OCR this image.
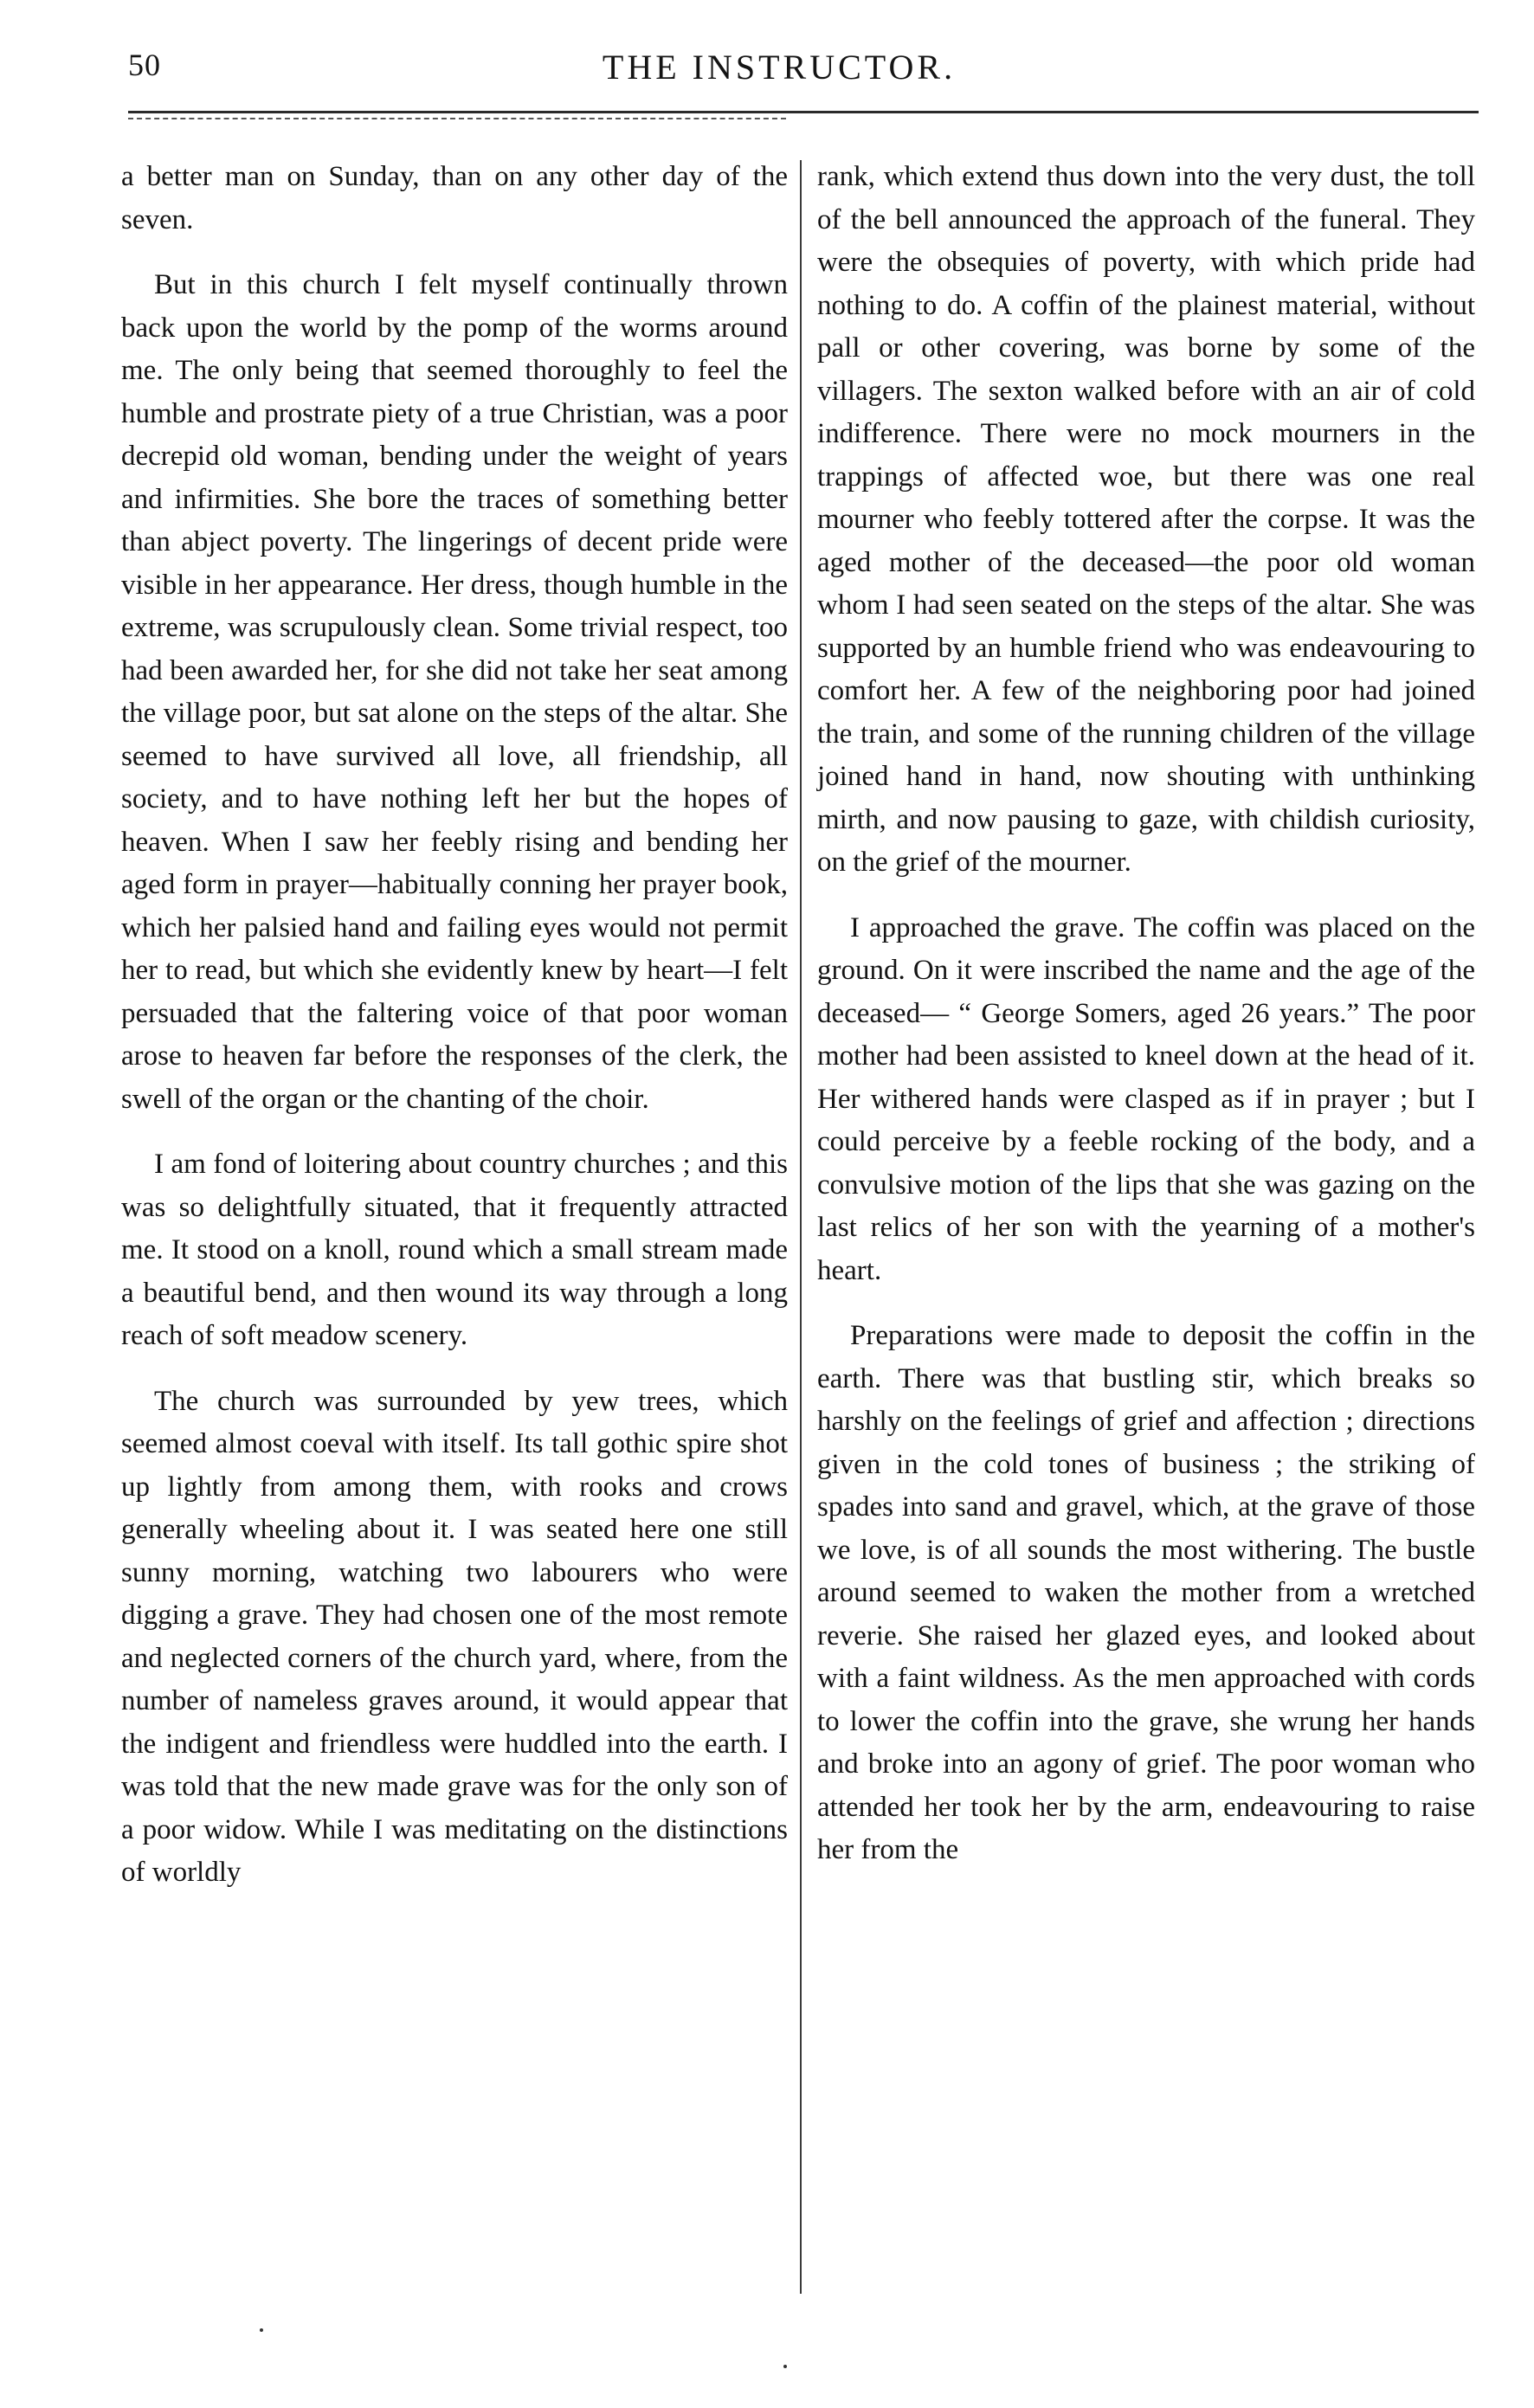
50	THE INSTRUCTOR.

a better man on Sunday, than on any other day of the seven.

But in this church I felt myself continually thrown back upon the world by the pomp of the worms around me. The only being that seemed thoroughly to feel the humble and prostrate piety of a true Christian, was a poor decrepid old woman, bending under the weight of years and infirmities. She bore the traces of something better than abject poverty. The lingerings of decent pride were visible in her appearance. Her dress, though humble in the extreme, was scrupulously clean. Some trivial respect, too had been awarded her, for she did not take her seat among the village poor, but sat alone on the steps of the altar. She seemed to have survived all love, all friendship, all society, and to have nothing left her but the hopes of heaven. When I saw her feebly rising and bending her aged form in prayer—habitually conning her prayer book, which her palsied hand and failing eyes would not permit her to read, but which she evidently knew by heart—I felt persuaded that the faltering voice of that poor woman arose to heaven far before the responses of the clerk, the swell of the organ or the chanting of the choir.

I am fond of loitering about country churches ; and this was so delightfully situated, that it frequently attracted me. It stood on a knoll, round which a small stream made a beautiful bend, and then wound its way through a long reach of soft meadow scenery.

The church was surrounded by yew trees, which seemed almost coeval with itself. Its tall gothic spire shot up lightly from among them, with rooks and crows generally wheeling about it. I was seated here one still sunny morning, watching two labourers who were digging a grave. They had chosen one of the most remote and neglected corners of the church yard, where, from the number of nameless graves around, it would appear that the indigent and friendless were huddled into the earth. I was told that the new made grave was for the only son of a poor widow. While I was meditating on the distinctions of worldly

rank, which extend thus down into the very dust, the toll of the bell announced the approach of the funeral. They were the obsequies of poverty, with which pride had nothing to do. A coffin of the plainest material, without pall or other covering, was borne by some of the villagers. The sexton walked before with an air of cold indifference. There were no mock mourners in the trappings of affected woe, but there was one real mourner who feebly tottered after the corpse. It was the aged mother of the deceased—the poor old woman whom I had seen seated on the steps of the altar. She was supported by an humble friend who was endeavouring to comfort her. A few of the neighboring poor had joined the train, and some of the running children of the village joined hand in hand, now shouting with unthinking mirth, and now pausing to gaze, with childish curiosity, on the grief of the mourner.

I approached the grave. The coffin was placed on the ground. On it were inscribed the name and the age of the deceased— “ George Somers, aged 26 years.” The poor mother had been assisted to kneel down at the head of it. Her withered hands were clasped as if in prayer ; but I could perceive by a feeble rocking of the body, and a convulsive motion of the lips that she was gazing on the last relics of her son with the yearning of a mother's heart.

Preparations were made to deposit the coffin in the earth. There was that bustling stir, which breaks so harshly on the feelings of grief and affection ; directions given in the cold tones of business ; the striking of spades into sand and gravel, which, at the grave of those we love, is of all sounds the most withering. The bustle around seemed to waken the mother from a wretched reverie. She raised her glazed eyes, and looked about with a faint wildness. As the men approached with cords to lower the coffin into the grave, she wrung her hands and broke into an agony of grief. The poor woman who attended her took her by the arm, endeavouring to raise her from the
